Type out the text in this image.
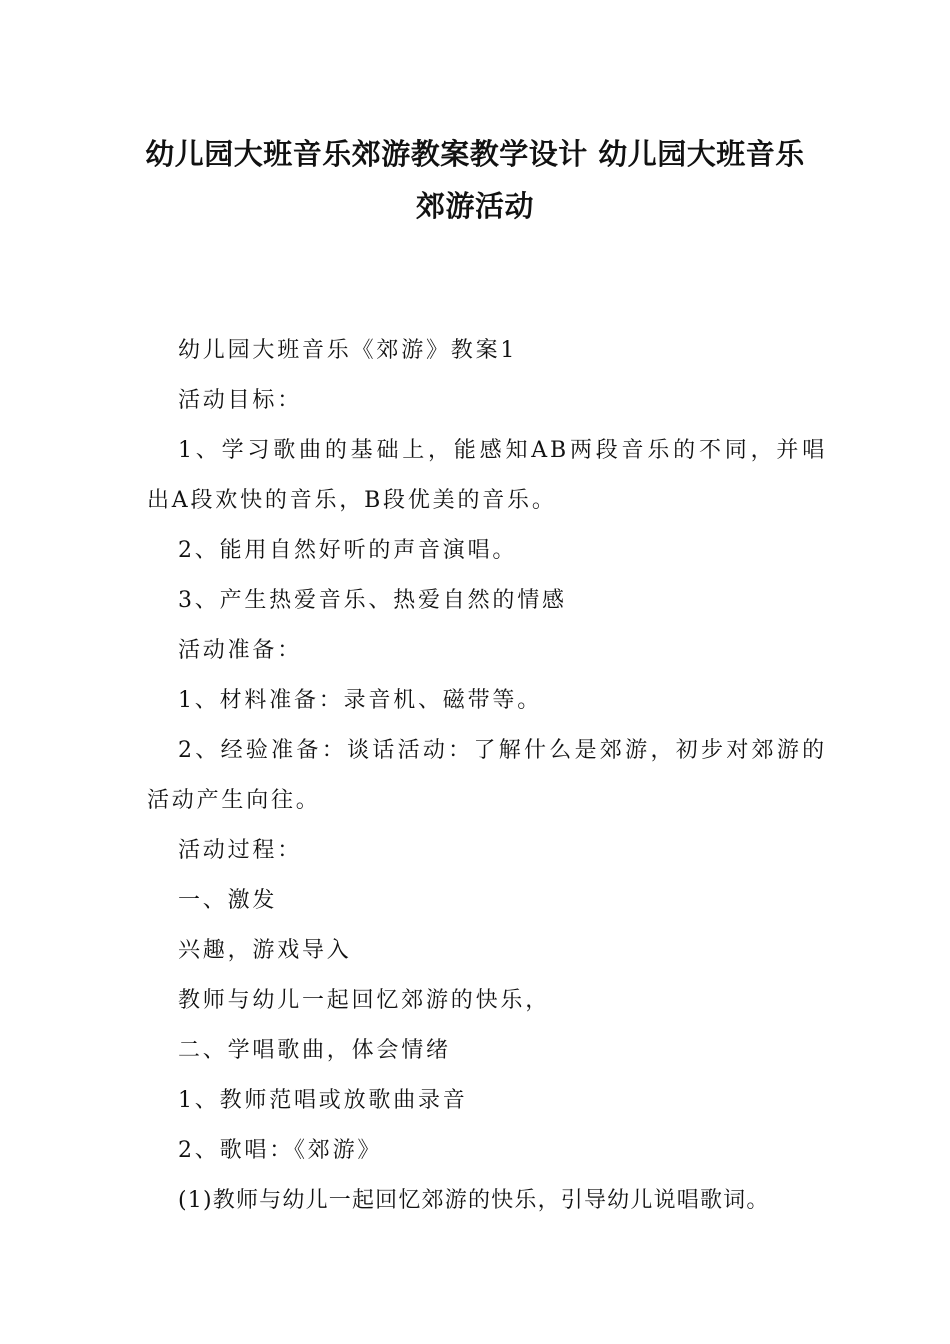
幼儿园大班音乐郊游教案教学设计 幼儿园大班音乐
郊游活动

幼儿园大班音乐《郊游》教案1

活动目标：

1、学习歌曲的基础上，能感知AB两段音乐的不同，并唱出A段欢快的音乐，B段优美的音乐。

2、能用自然好听的声音演唱。

3、产生热爱音乐、热爱自然的情感

活动准备：

1、材料准备：录音机、磁带等。

2、经验准备：谈话活动：了解什么是郊游，初步对郊游的活动产生向往。

活动过程：

一、激发

兴趣，游戏导入

教师与幼儿一起回忆郊游的快乐，

二、学唱歌曲，体会情绪

1、教师范唱或放歌曲录音

2、歌唱：《郊游》

(1)教师与幼儿一起回忆郊游的快乐，引导幼儿说唱歌词。
